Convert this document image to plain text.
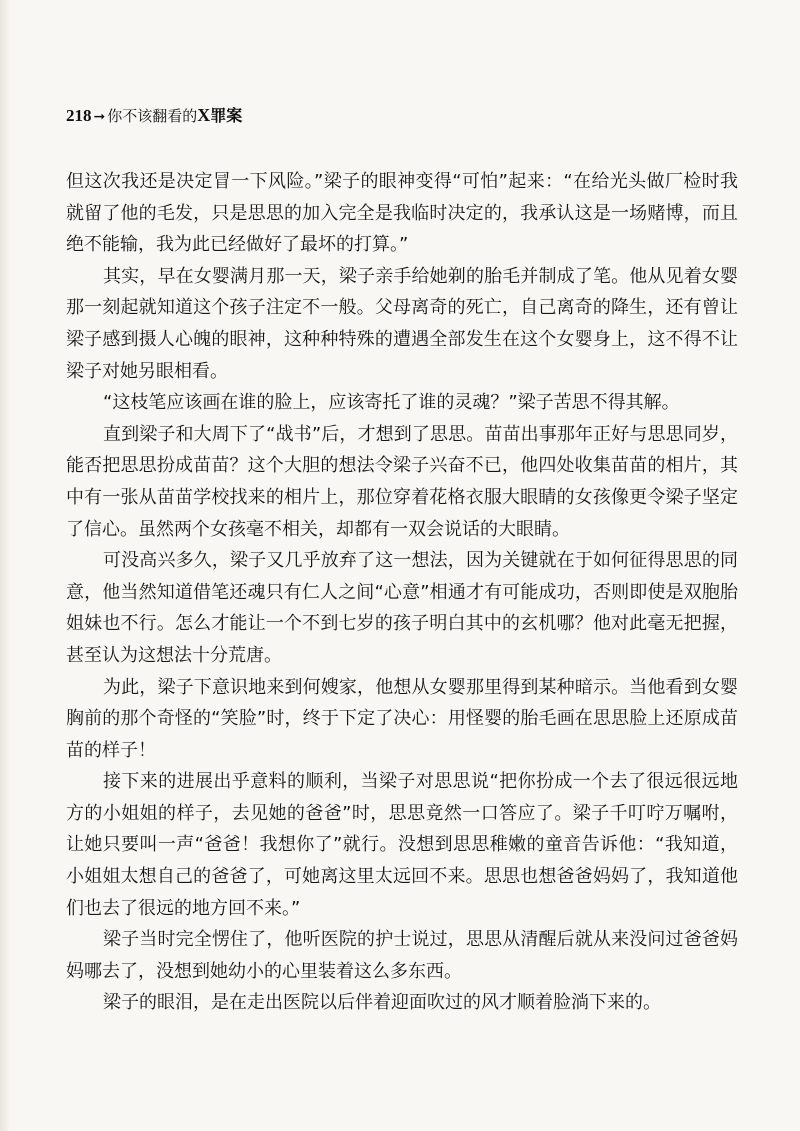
218 ➞ 你不该翻看的X罪案

但这次我还是决定冒一下风险。”梁子的眼神变得“可怕”起来：“在给光头做厂检时我就留了他的毛发，只是思思的加入完全是我临时决定的，我承认这是一场赌博，而且绝不能输，我为此已经做好了最坏的打算。”

其实，早在女婴满月那一天，梁子亲手给她剃的胎毛并制成了笔。他从见着女婴那一刻起就知道这个孩子注定不一般。父母离奇的死亡，自己离奇的降生，还有曾让梁子感到摄人心魄的眼神，这种种特殊的遭遇全部发生在这个女婴身上，这不得不让梁子对她另眼相看。

“这枝笔应该画在谁的脸上，应该寄托了谁的灵魂？”梁子苦思不得其解。

直到梁子和大周下了“战书”后，才想到了思思。苗苗出事那年正好与思思同岁，能否把思思扮成苗苗？这个大胆的想法令梁子兴奋不已，他四处收集苗苗的相片，其中有一张从苗苗学校找来的相片上，那位穿着花格衣服大眼睛的女孩像更令梁子坚定了信心。虽然两个女孩毫不相关，却都有一双会说话的大眼睛。

可没高兴多久，梁子又几乎放弃了这一想法，因为关键就在于如何征得思思的同意，他当然知道借笔还魂只有仁人之间“心意”相通才有可能成功，否则即使是双胞胎姐妹也不行。怎么才能让一个不到七岁的孩子明白其中的玄机哪？他对此毫无把握，甚至认为这想法十分荒唐。

为此，梁子下意识地来到何嫂家，他想从女婴那里得到某种暗示。当他看到女婴胸前的那个奇怪的“笑脸”时，终于下定了决心：用怪婴的胎毛画在思思脸上还原成苗苗的样子！

接下来的进展出乎意料的顺利，当梁子对思思说“把你扮成一个去了很远很远地方的小姐姐的样子，去见她的爸爸”时，思思竟然一口答应了。梁子千叮咛万嘱咐，让她只要叫一声“爸爸！我想你了”就行。没想到思思稚嫩的童音告诉他：“我知道，小姐姐太想自己的爸爸了，可她离这里太远回不来。思思也想爸爸妈妈了，我知道他们也去了很远的地方回不来。”

梁子当时完全愣住了，他听医院的护士说过，思思从清醒后就从来没问过爸爸妈妈哪去了，没想到她幼小的心里装着这么多东西。

梁子的眼泪，是在走出医院以后伴着迎面吹过的风才顺着脸淌下来的。
